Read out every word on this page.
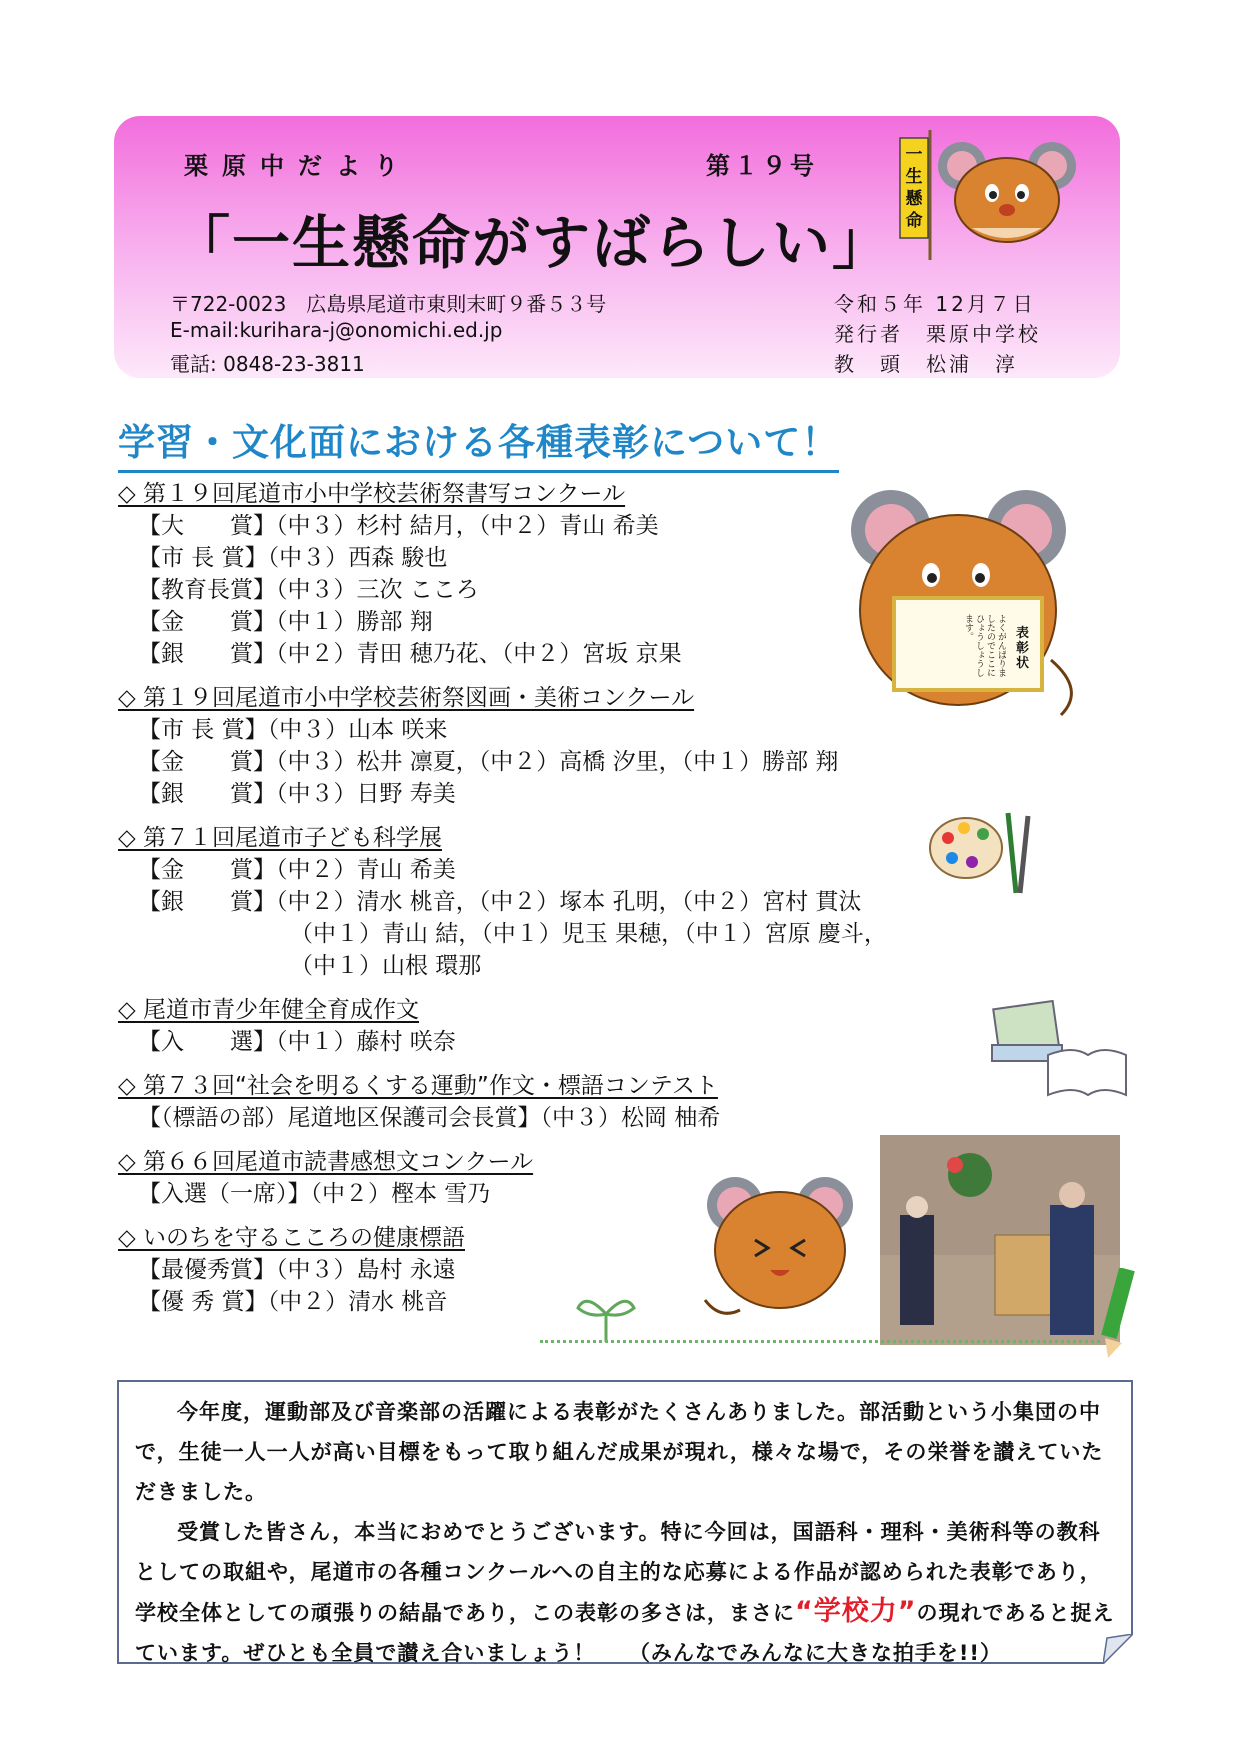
栗原中だより	第１９号
「一生懸命がすばらしい」
〒722-0023　広島県尾道市東則末町９番５３号
E-mail:kurihara-j@onomichi.ed.jp
電話: 0848-23-3811
令和５年 12月７日
発行者　栗原中学校
教　頭　松浦　淳
一生懸命
学習・文化面における各種表彰について！
◇ 第１９回尾道市小中学校芸術祭書写コンクール
【大　　賞】（中３）杉村 結月，（中２）青山 希美
【市 長 賞】（中３）西森 駿也
【教育長賞】（中３）三次 こころ
【金　　賞】（中１）勝部 翔
【銀　　賞】（中２）青田 穂乃花、（中２）宮坂 京果
◇ 第１９回尾道市小中学校芸術祭図画・美術コンクール
【市 長 賞】（中３）山本 咲来
【金　　賞】（中３）松井 凛夏，（中２）高橋 汐里，（中１）勝部 翔
【銀　　賞】（中３）日野 寿美
◇ 第７１回尾道市子ども科学展
【金　　賞】（中２）青山 希美
【銀　　賞】（中２）清水 桃音，（中２）塚本 孔明，（中２）宮村 貫汰
（中１）青山 結，（中１）児玉 果穂，（中１）宮原 慶斗，
（中１）山根 環那
◇ 尾道市青少年健全育成作文
【入　　選】（中１）藤村 咲奈
◇ 第７３回“社会を明るくする運動”作文・標語コンテスト
【（標語の部）尾道地区保護司会長賞】（中３）松岡 柚希
◇ 第６６回尾道市読書感想文コンクール
【入選（一席）】（中２）樫本 雪乃
◇ いのちを守るこころの健康標語
【最優秀賞】（中３）島村 永遠
【優 秀 賞】（中２）清水 桃音
表彰状
よくがんばりましたのでここにひょうしょうします。

今年度，運動部及び音楽部の活躍による表彰がたくさんありました。部活動という小集団の中で，生徒一人一人が高い目標をもって取り組んだ成果が現れ，様々な場で，その栄誉を讃えていただきました。

受賞した皆さん，本当におめでとうございます。特に今回は，国語科・理科・美術科等の教科としての取組や，尾道市の各種コンクールへの自主的な応募による作品が認められた表彰であり，学校全体としての頑張りの結晶であり，この表彰の多さは，まさに“学校力”の現れであると捉えています。ぜひとも全員で讃え合いましょう！　　（みんなでみんなに大きな拍手を!!）
